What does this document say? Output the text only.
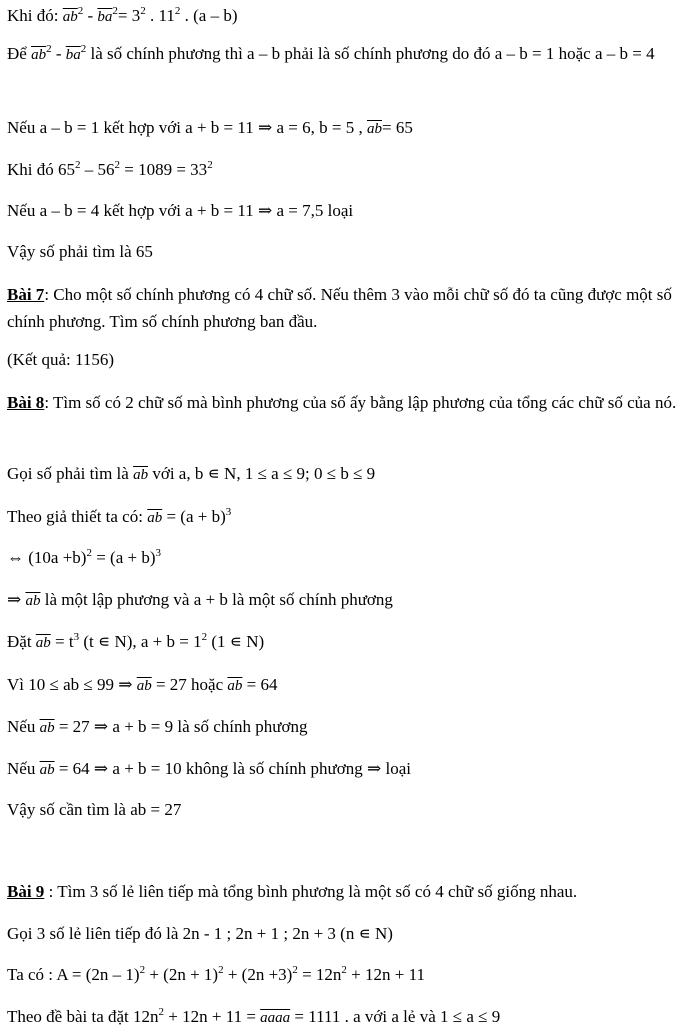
Khi đó: $\overline{ab}^2 - \overline{ba}^2= 3^2$ . $11^2$ . (a – b)
Để $\overline{ab}^2 - \overline{ba}^2$ là số chính phương thì a – b phải là số chính phương do đó a – b = 1 hoặc a – b = 4
Nếu a – b = 1 kết hợp với a + b = 11 ⇒ a = 6, b = 5 , $\overline{ab}= 65$
Khi đó $65^2 - 56^2 = 1089 = 33^2$
Nếu a – b = 4 kết hợp với a + b = 11 ⇒ a = 7,5 loại
Vậy số phải tìm là 65
Bài 7: Cho một số chính phương có 4 chữ số. Nếu thêm 3 vào mỗi chữ số đó ta cũng được một số chính phương. Tìm số chính phương ban đầu.
(Kết quả: 1156)
Bài 8: Tìm số có 2 chữ số mà bình phương của số ấy bằng lập phương của tổng các chữ số của nó.
Gọi số phải tìm là $\overline{ab}$ với a, b ∊ N, 1 ≤ a ≤ 9; 0 ≤ b ≤ 9
Theo giả thiết ta có: $\overline{ab} = (a + b)^3$
⇔ $(10a +b)^2 = (a + b)^3$
⇒ $\overline{ab}$ là một lập phương và a + b là một số chính phương
Đặt $\overline{ab} = t^3$ (t ∊ N), $a + b = 1^2$ (1 ∊ N)
Vì 10 ≤ ab ≤ 99 ⇒ $\overline{ab} = 27$ hoặc $\overline{ab} = 64$
Nếu $\overline{ab} = 27$ ⇒ a + b = 9 là số chính phương
Nếu $\overline{ab} = 64$ ⇒ a + b = 10 không là số chính phương ⇒ loại
Vậy số cần tìm là ab = 27
Bài 9 : Tìm 3 số lẻ liên tiếp mà tổng bình phương là một số có 4 chữ số giống nhau.
Gọi 3 số lẻ liên tiếp đó là 2n - 1 ; 2n + 1 ; 2n + 3 (n ∊ N)
Ta có : $A = (2n - 1)^2 + (2n + 1)^2 + (2n +3)^2 = 12n^2 + 12n + 11$
Theo đề bài ta đặt $12n^2 + 12n + 11$ = aaaa = 1111 . a với a lẻ và 1 ≤ a ≤ 9
